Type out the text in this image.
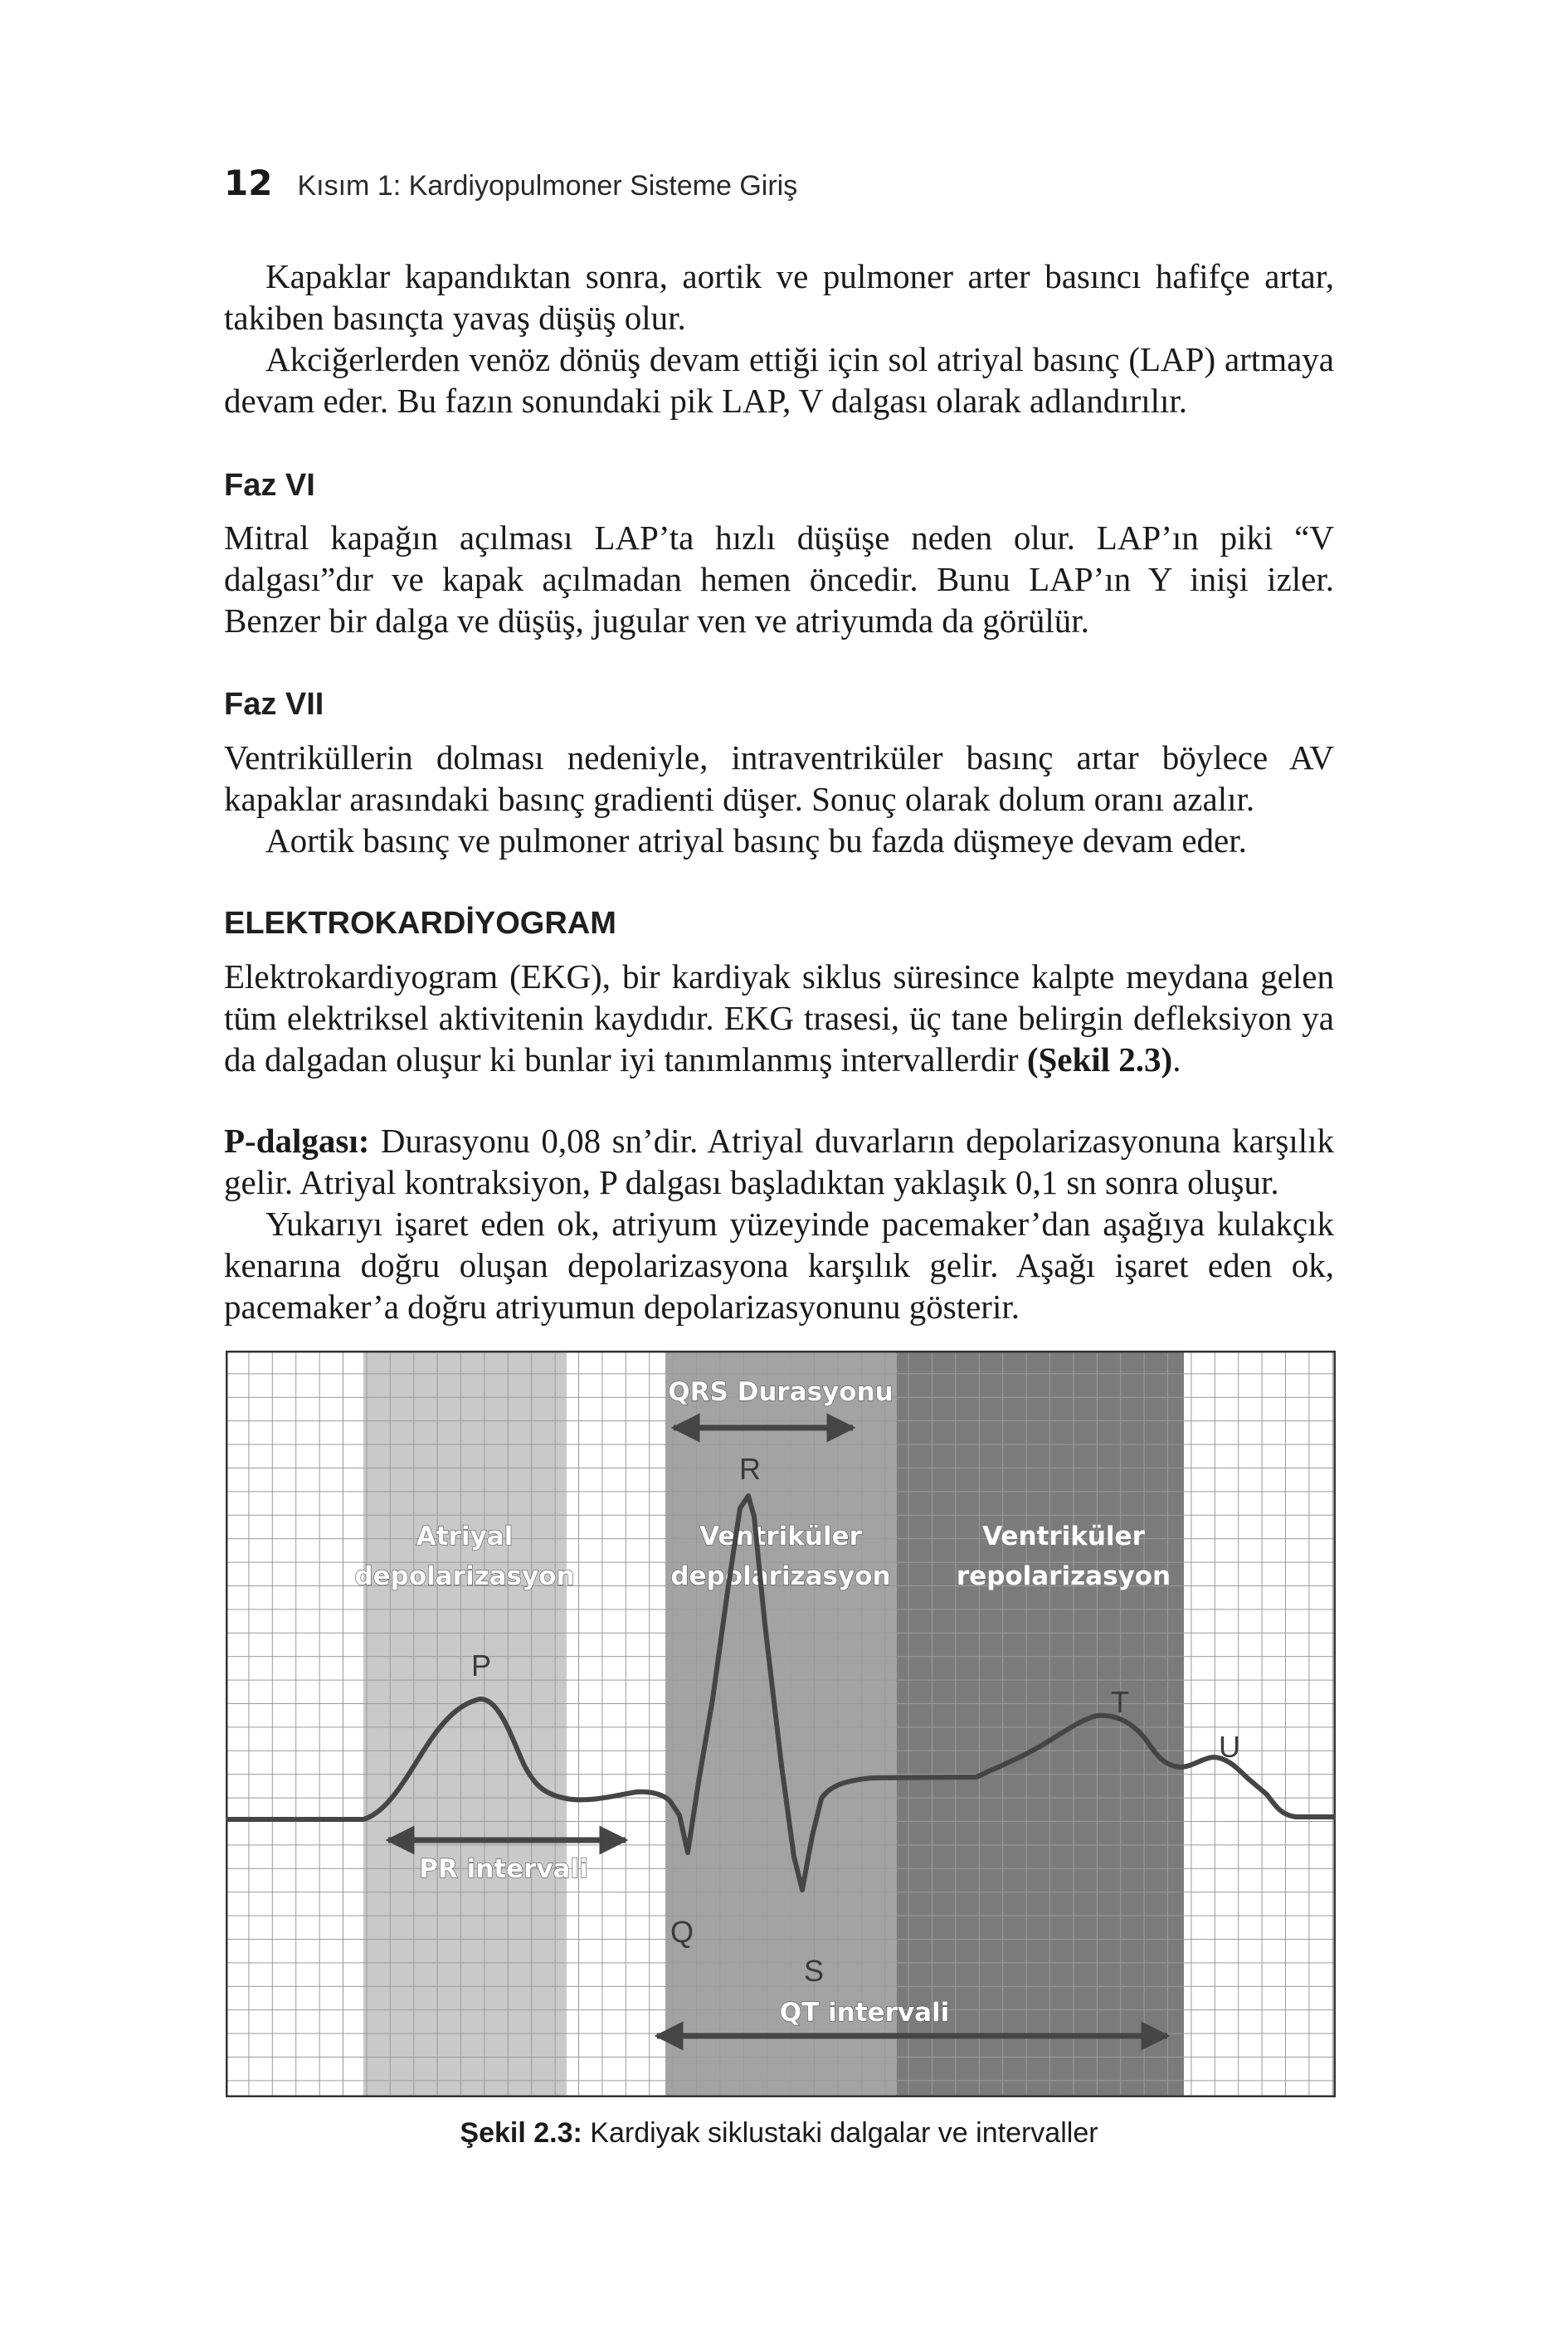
12 Kısım 1: Kardiyopulmoner Sisteme Giriş

Kapaklar kapandıktan sonra, aortik ve pulmoner arter basıncı hafifçe artar, takiben basınçta yavaş düşüş olur.

Akciğerlerden venöz dönüş devam ettiği için sol atriyal basınç (LAP) artmaya devam eder. Bu fazın sonundaki pik LAP, V dalgası olarak adlandırılır.

Faz VI

Mitral kapağın açılması LAP’ta hızlı düşüşe neden olur. LAP’ın piki “V dalgası”dır ve kapak açılmadan hemen öncedir. Bunu LAP’ın Y inişi izler. Benzer bir dalga ve düşüş, jugular ven ve atriyumda da görülür.

Faz VII

Ventriküllerin dolması nedeniyle, intraventriküler basınç artar böylece AV kapaklar arasındaki basınç gradienti düşer. Sonuç olarak dolum oranı azalır.

Aortik basınç ve pulmoner atriyal basınç bu fazda düşmeye devam eder.

ELEKTROKARDİYOGRAM

Elektrokardiyogram (EKG), bir kardiyak siklus süresince kalpte meydana gelen tüm elektriksel aktivitenin kaydıdır. EKG trasesi, üç tane belirgin defleksiyon ya da dalgadan oluşur ki bunlar iyi tanımlanmış intervallerdir (Şekil 2.3).

P-dalgası: Durasyonu 0,08 sn’dir. Atriyal duvarların depolarizasyonuna karşılık gelir. Atriyal kontraksiyon, P dalgası başladıktan yaklaşık 0,1 sn sonra oluşur.

Yukarıyı işaret eden ok, atriyum yüzeyinde pacemaker’dan aşağıya kulakçık kenarına doğru oluşan depolarizasyona karşılık gelir. Aşağı işaret eden ok, pacemaker’a doğru atriyumun depolarizasyonunu gösterir.

QRS Durasyonu
Atriyal
depolarizasyon
Ventriküler
depolarizasyon
Ventriküler
repolarizasyon
P
R
Q
S
T
U
PR intervali
QT intervali
Şekil 2.3: Kardiyak siklustaki dalgalar ve intervaller
